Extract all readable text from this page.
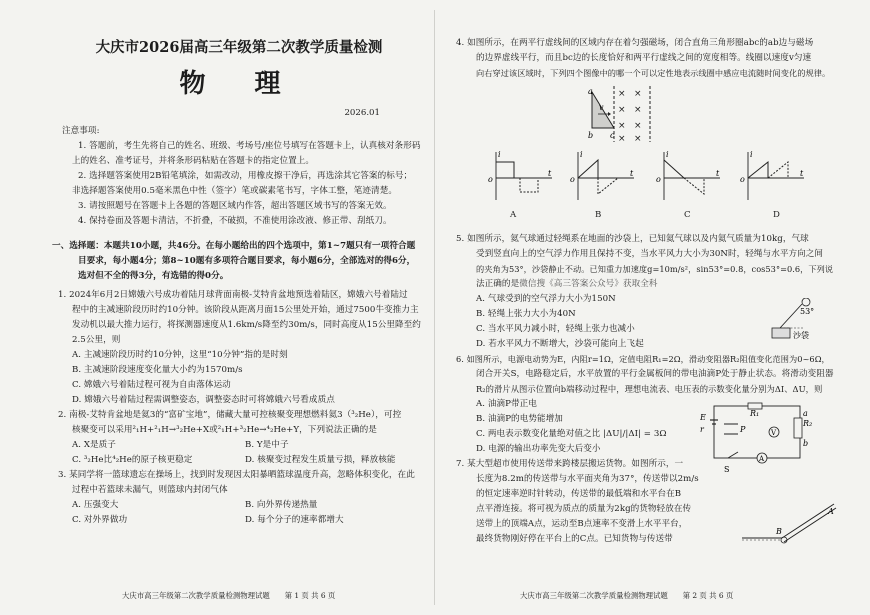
大庆市2026届高三年级第二次教学质量检测
物 理
2026.01
注意事项:
1. 答题前，考生先将自己的姓名、班级、考场号/座位号填写在答题卡上，认真核对条形码
上的姓名、准考证号，并将条形码粘贴在答题卡的指定位置上。
2. 选择题答案使用2B铅笔填涂，如需改动，用橡皮擦干净后，再选涂其它答案的标号；
非选择题答案使用0.5毫米黑色中性（签字）笔或碳素笔书写，字体工整，笔迹清楚。
3. 请按照题号在答题卡上各题的答题区域内作答，超出答题区域书写的答案无效。
4. 保持卷面及答题卡清洁，不折叠，不破损，不准使用涂改液、修正带、刮纸刀。
一、选择题：本题共10小题，共46分。在每小题给出的四个选项中，第1~7题只有一项符合题
目要求，每小题4分；第8~10题有多项符合题目要求，每小题6分，全部选对的得6分，
选对但不全的得3分，有选错的得0分。
1. 2024年6月2日嫦娥六号成功着陆月球背面南极-艾特肯盆地预选着陆区，嫦娥六号着陆过
程中的主减速阶段历时约10分钟。该阶段从距离月面15公里处开始，通过7500牛变推力主
发动机以最大推力运行，将探测器速度从1.6km/s降至约30m/s，同时高度从15公里降至约
2.5公里，则
A. 主减速阶段历时约10分钟，这里“10分钟”指的是时刻
B. 主减速阶段速度变化量大小约为1570m/s
C. 嫦娥六号着陆过程可视为自由落体运动
D. 嫦娥六号着陆过程需调整姿态，调整姿态时可将嫦娥六号看成质点
2. 南极-艾特肯盆地是氦3的“富矿宝地”，储藏大量可控核聚变理想燃料氦3（³₂He），可控
核聚变可以采用²₁H+²₁H→³₂He+X或²₁H+³₂He→⁴₂He+Y，下列说法正确的是
A. X是质子	B. Y是中子
C. ³₂He比⁴₂He的原子核更稳定	D. 核聚变过程发生质量亏损，释放核能
3. 某同学将一篮球遗忘在操场上，找到时发现因太阳暴晒篮球温度升高，忽略体积变化，在此
过程中若篮球未漏气，则篮球内封闭气体
A. 压强变大	B. 向外界传递热量
C. 对外界做功	D. 每个分子的速率都增大
大庆市高三年级第二次教学质量检测物理试题　　第 1 页 共 6 页
4. 如图所示，在两平行虚线间的区域内存在着匀强磁场，闭合直角三角形圈abc的ab边与磁场
的边界虚线平行，而且bc边的长度恰好和两平行虚线之间的宽度相等。线圈以速度v匀速
向右穿过该区域时，下列四个图像中的哪一个可以定性地表示线圈中感应电流随时间变化的规律。
a
b c
v
× ×
× ×
× ×
× ×
i
t
o
i
t
o
i
t
o
i
t
o
A	B	C	D
5. 如图所示，氦气球通过轻绳系在地面的沙袋上，已知氦气球以及内氦气质量为10kg，气球
受到竖直向上的空气浮力作用且保持不变，当水平风力大小为30N时，轻绳与水平方向之间
的夹角为53°，沙袋静止不动。已知重力加速度g=10m/s²，sin53°=0.8，cos53°=0.6，下列说
法正确的是微信搜《高三答案公众号》获取全科
A. 气球受到的空气浮力大小为150N
B. 轻绳上张力大小为40N
C. 当水平风力减小时，轻绳上张力也减小
D. 若水平风力不断增大，沙袋可能向上飞起
6. 如图所示，电源电动势为E，内阻r=1Ω，定值电阻R₁=2Ω，滑动变阻器R₂阻值变化范围为0~6Ω，
闭合开关S，电路稳定后，水平放置的平行金属板间的带电油滴P处于静止状态。将滑动变阻器
R₂的滑片从图示位置向b端移动过程中，理想电流表、电压表的示数变化量分别为ΔI、ΔU，则
A. 油滴P带正电
B. 油滴P的电势能增加
C. 两电表示数变化量绝对值之比 |ΔU|/|ΔI| = 3Ω
D. 电源的输出功率先变大后变小
7. 某大型超市使用传送带来跨楼层搬运货物。如图所示，一
长度为8.2m的传送带与水平面夹角为37°，传送带以2m/s
的恒定速率逆时针转动，传送带的最低端和水平台在B
点平滑连接。将可视为质点的质量为2kg的货物轻放在传
送带上的顶端A点，运动至B点速率不变滑上水平平台，
最终货物刚好停在平台上的C点。已知货物与传送带
53°
沙袋
E
r	P
R₁
R₂
a
b
V
A
S
A
B
大庆市高三年级第二次教学质量检测物理试题　　第 2 页 共 6 页
